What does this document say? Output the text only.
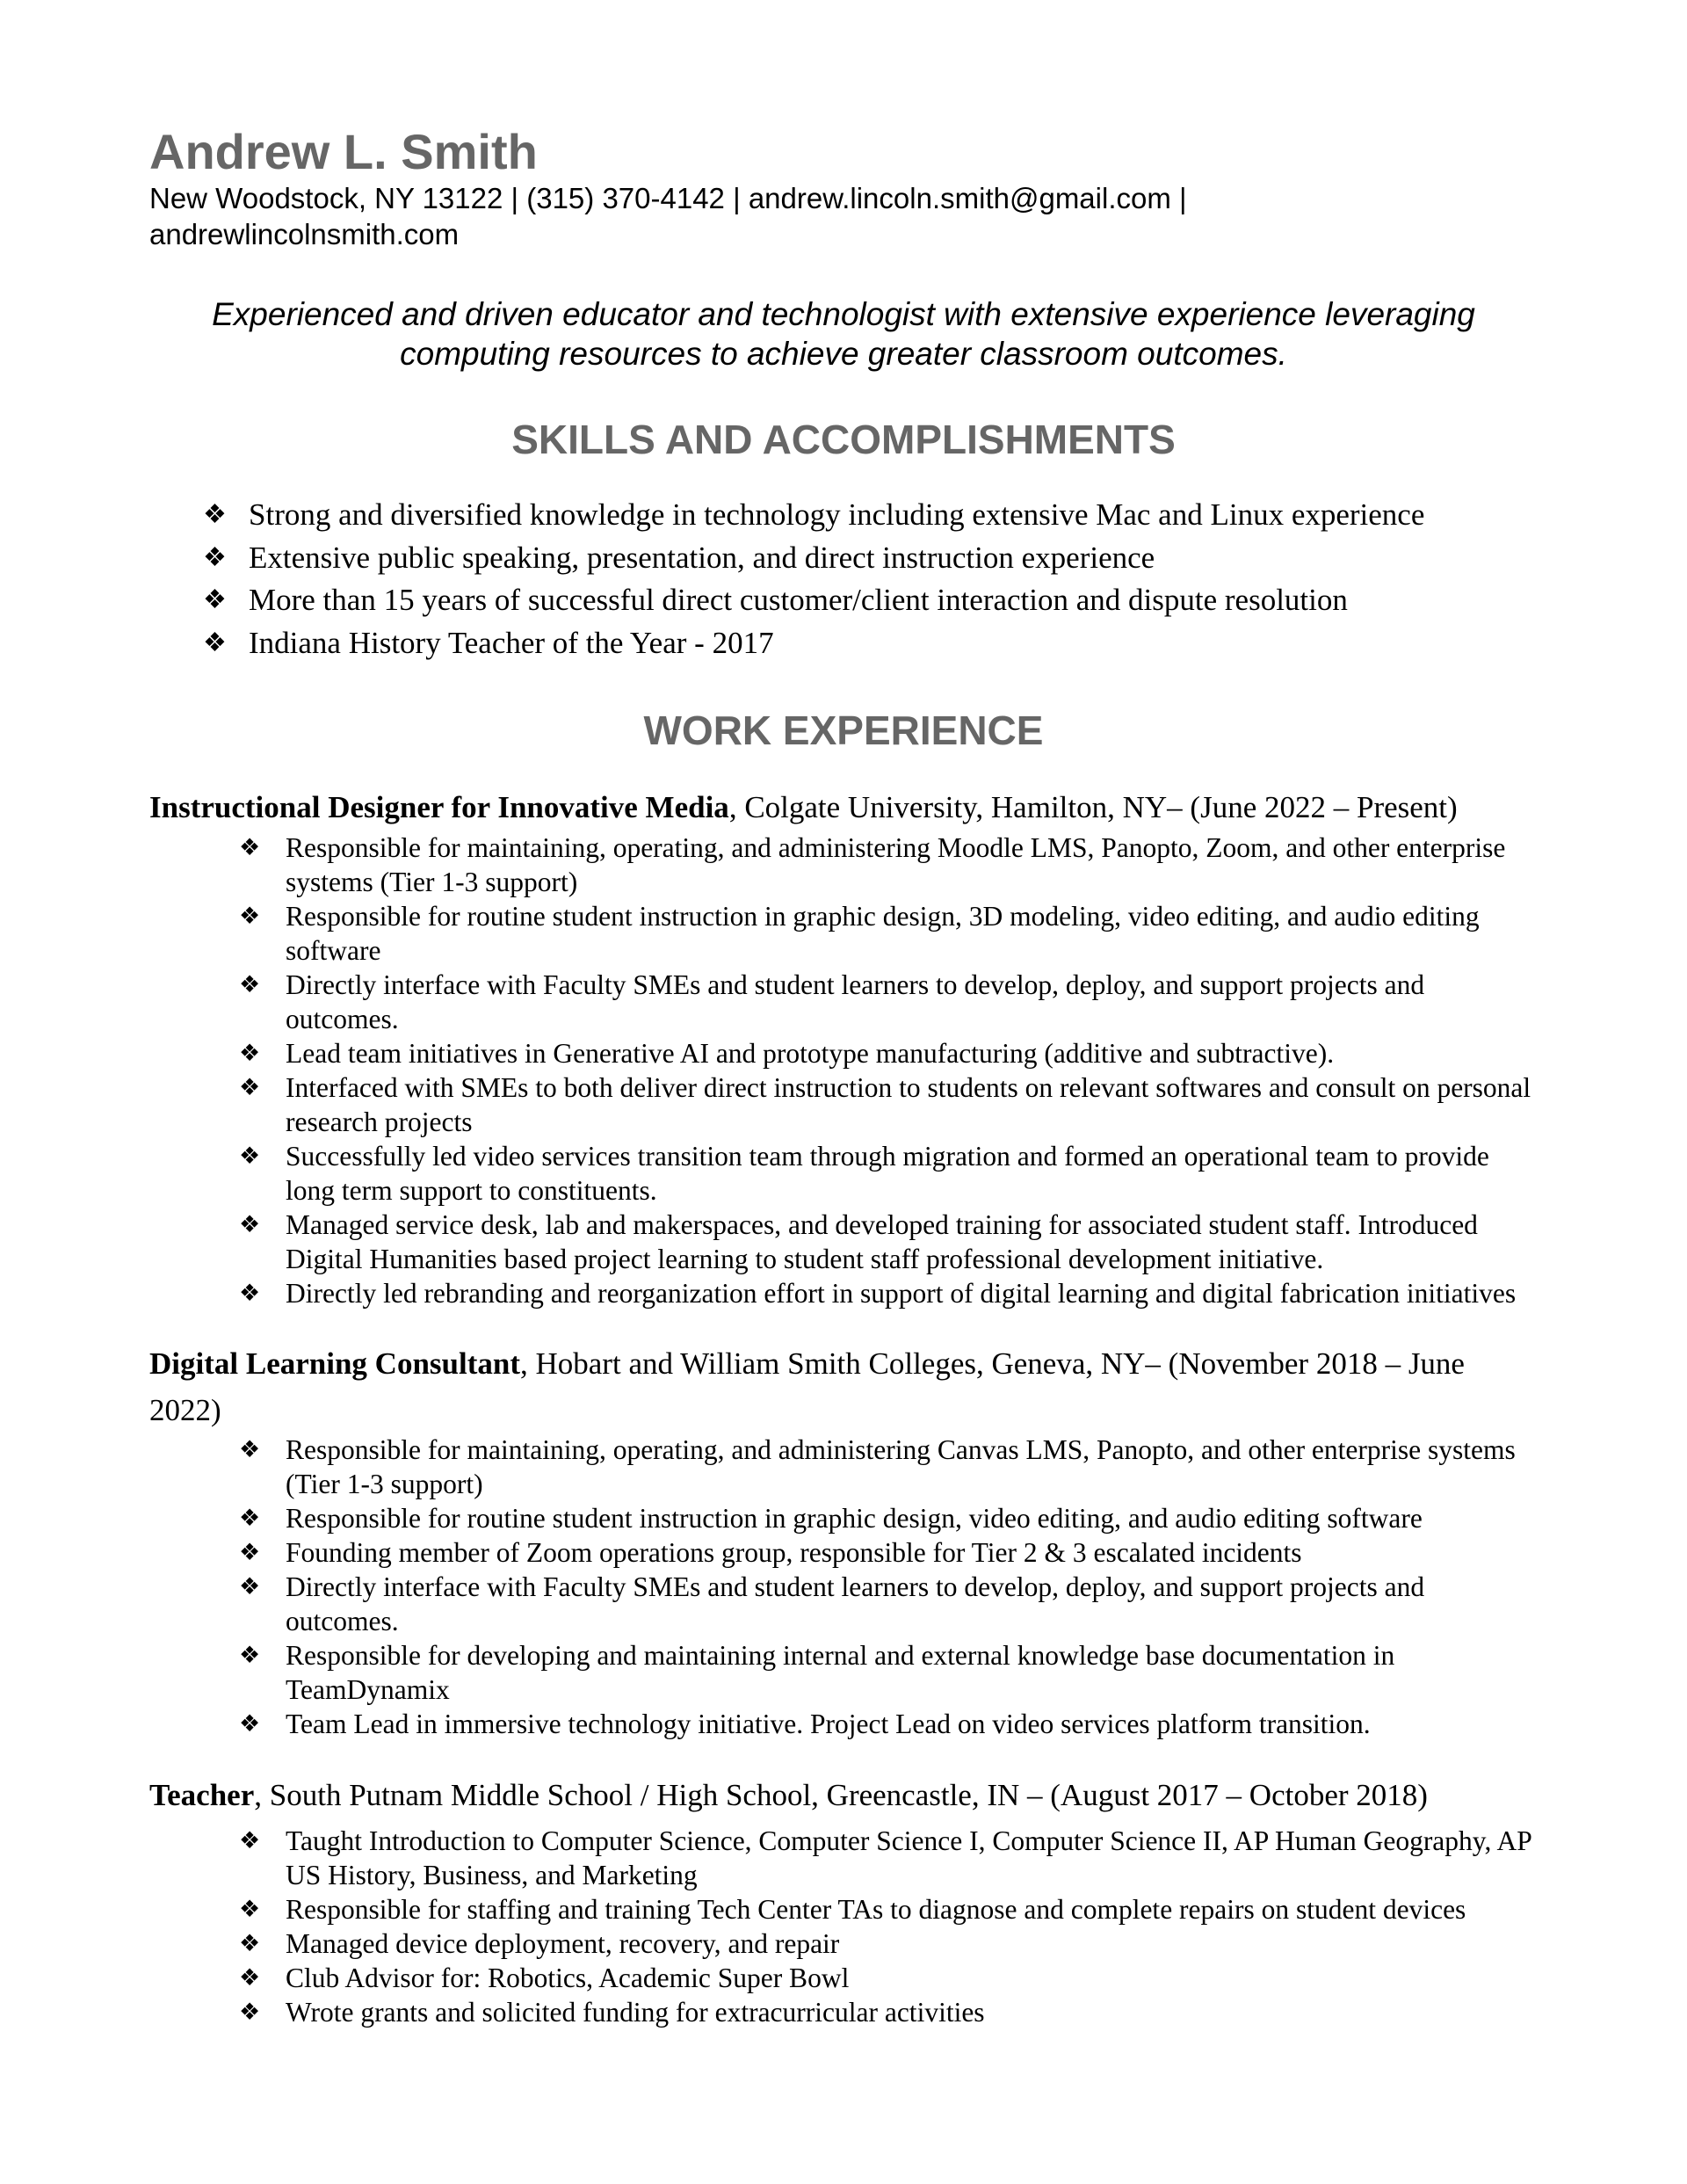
Andrew L. Smith
New Woodstock, NY 13122 | (315) 370-4142 | andrew.lincoln.smith@gmail.com |
andrewlincolnsmith.com
Experienced and driven educator and technologist with extensive experience leveraging computing resources to achieve greater classroom outcomes.
SKILLS AND ACCOMPLISHMENTS
❖ Strong and diversified knowledge in technology including extensive Mac and Linux experience
❖ Extensive public speaking, presentation, and direct instruction experience
❖ More than 15 years of successful direct customer/client interaction and dispute resolution
❖ Indiana History Teacher of the Year - 2017
WORK EXPERIENCE
Instructional Designer for Innovative Media, Colgate University, Hamilton, NY– (June 2022 – Present)
❖ Responsible for maintaining, operating, and administering Moodle LMS, Panopto, Zoom, and other enterprise systems (Tier 1-3 support)
❖ Responsible for routine student instruction in graphic design, 3D modeling, video editing, and audio editing software
❖ Directly interface with Faculty SMEs and student learners to develop, deploy, and support projects and outcomes.
❖ Lead team initiatives in Generative AI and prototype manufacturing (additive and subtractive).
❖ Interfaced with SMEs to both deliver direct instruction to students on relevant softwares and consult on personal research projects
❖ Successfully led video services transition team through migration and formed an operational team to provide long term support to constituents.
❖ Managed service desk, lab and makerspaces, and developed training for associated student staff. Introduced Digital Humanities based project learning to student staff professional development initiative.
❖ Directly led rebranding and reorganization effort in support of digital learning and digital fabrication initiatives
Digital Learning Consultant, Hobart and William Smith Colleges, Geneva, NY– (November 2018 – June 2022)
❖ Responsible for maintaining, operating, and administering Canvas LMS, Panopto, and other enterprise systems (Tier 1-3 support)
❖ Responsible for routine student instruction in graphic design, video editing, and audio editing software
❖ Founding member of Zoom operations group, responsible for Tier 2 & 3 escalated incidents
❖ Directly interface with Faculty SMEs and student learners to develop, deploy, and support projects and outcomes.
❖ Responsible for developing and maintaining internal and external knowledge base documentation in TeamDynamix
❖ Team Lead in immersive technology initiative. Project Lead on video services platform transition.
Teacher, South Putnam Middle School / High School, Greencastle, IN – (August 2017 – October 2018)
❖ Taught Introduction to Computer Science, Computer Science I, Computer Science II, AP Human Geography, AP US History, Business, and Marketing
❖ Responsible for staffing and training Tech Center TAs to diagnose and complete repairs on student devices
❖ Managed device deployment, recovery, and repair
❖ Club Advisor for: Robotics, Academic Super Bowl
❖ Wrote grants and solicited funding for extracurricular activities
